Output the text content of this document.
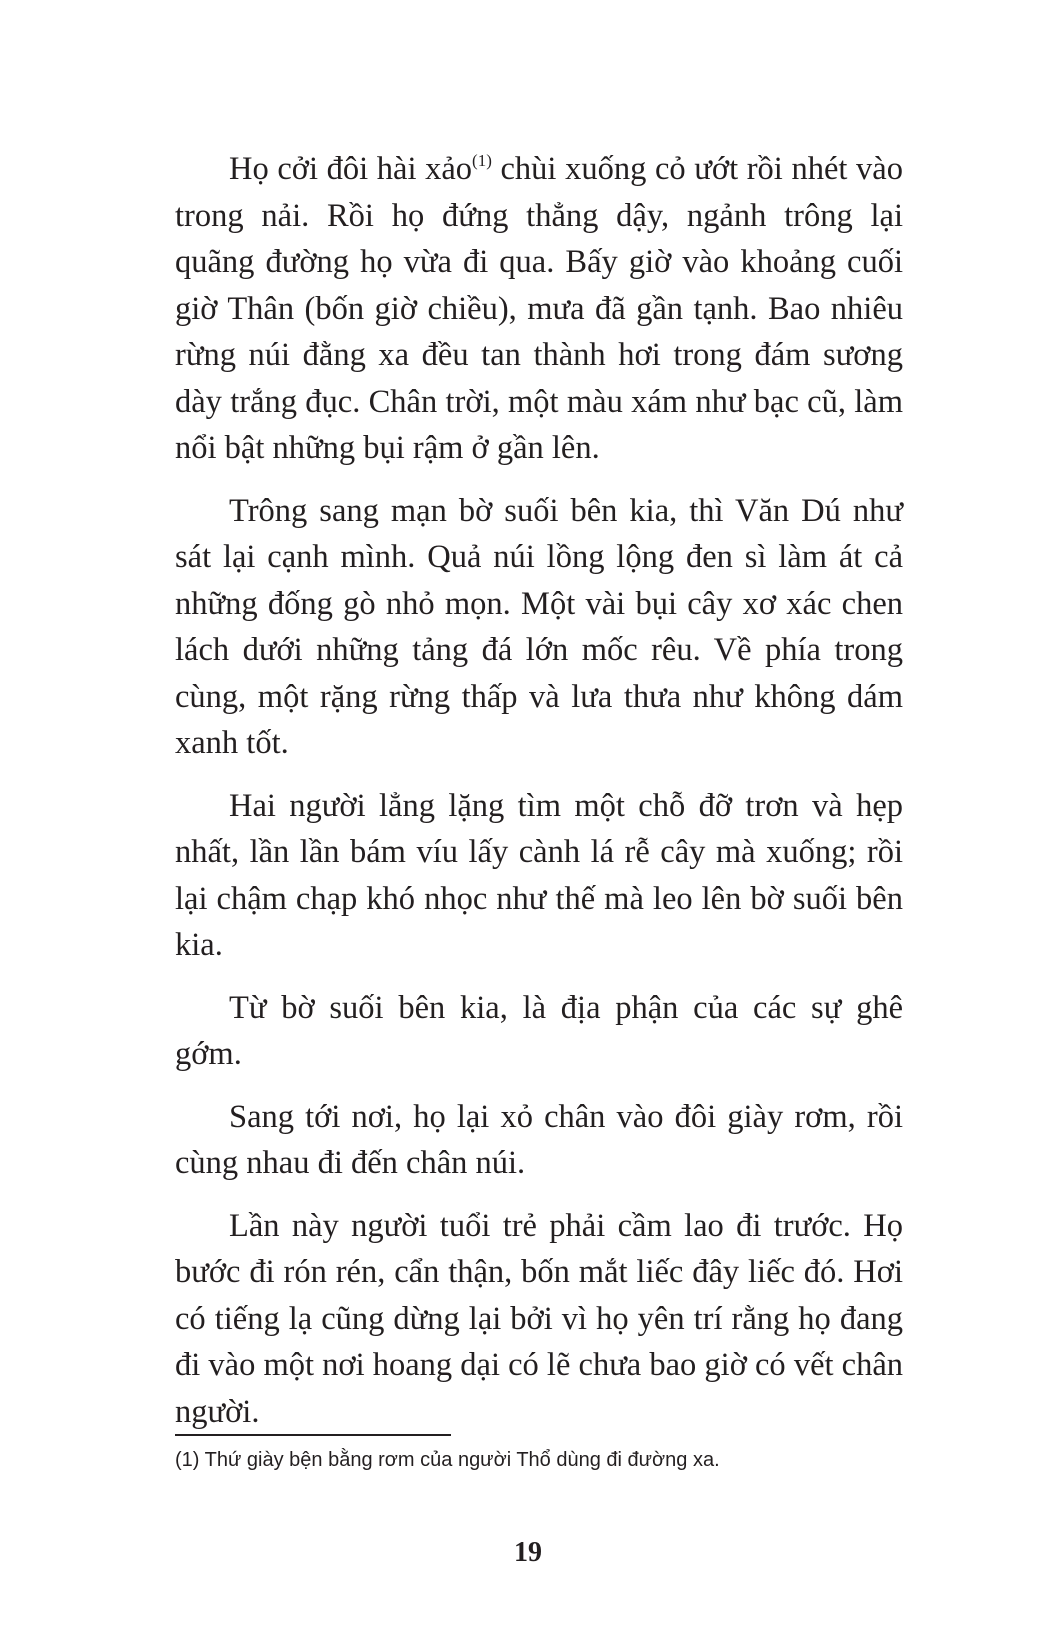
Họ cởi đôi hài xảo$^{(1)}$ chùi xuống cỏ ướt rồi nhét vào trong nải. Rồi họ đứng thẳng dậy, ngảnh trông lại quãng đường họ vừa đi qua. Bấy giờ vào khoảng cuối giờ Thân (bốn giờ chiều), mưa đã gần tạnh. Bao nhiêu rừng núi đằng xa đều tan thành hơi trong đám sương dày trắng đục. Chân trời, một màu xám như bạc cũ, làm nổi bật những bụi rậm ở gần lên.

Trông sang mạn bờ suối bên kia, thì Văn Dú như sát lại cạnh mình. Quả núi lồng lộng đen sì làm át cả những đống gò nhỏ mọn. Một vài bụi cây xơ xác chen lách dưới những tảng đá lớn mốc rêu. Về phía trong cùng, một rặng rừng thấp và lưa thưa như không dám xanh tốt.

Hai người lẳng lặng tìm một chỗ đỡ trơn và hẹp nhất, lần lần bám víu lấy cành lá rễ cây mà xuống; rồi lại chậm chạp khó nhọc như thế mà leo lên bờ suối bên kia.

Từ bờ suối bên kia, là địa phận của các sự ghê gớm.

Sang tới nơi, họ lại xỏ chân vào đôi giày rơm, rồi cùng nhau đi đến chân núi.

Lần này người tuổi trẻ phải cầm lao đi trước. Họ bước đi rón rén, cẩn thận, bốn mắt liếc đây liếc đó. Hơi có tiếng lạ cũng dừng lại bởi vì họ yên trí rằng họ đang đi vào một nơi hoang dại có lẽ chưa bao giờ có vết chân người.

(1) Thứ giày bện bằng rơm của người Thổ dùng đi đường xa.
19
